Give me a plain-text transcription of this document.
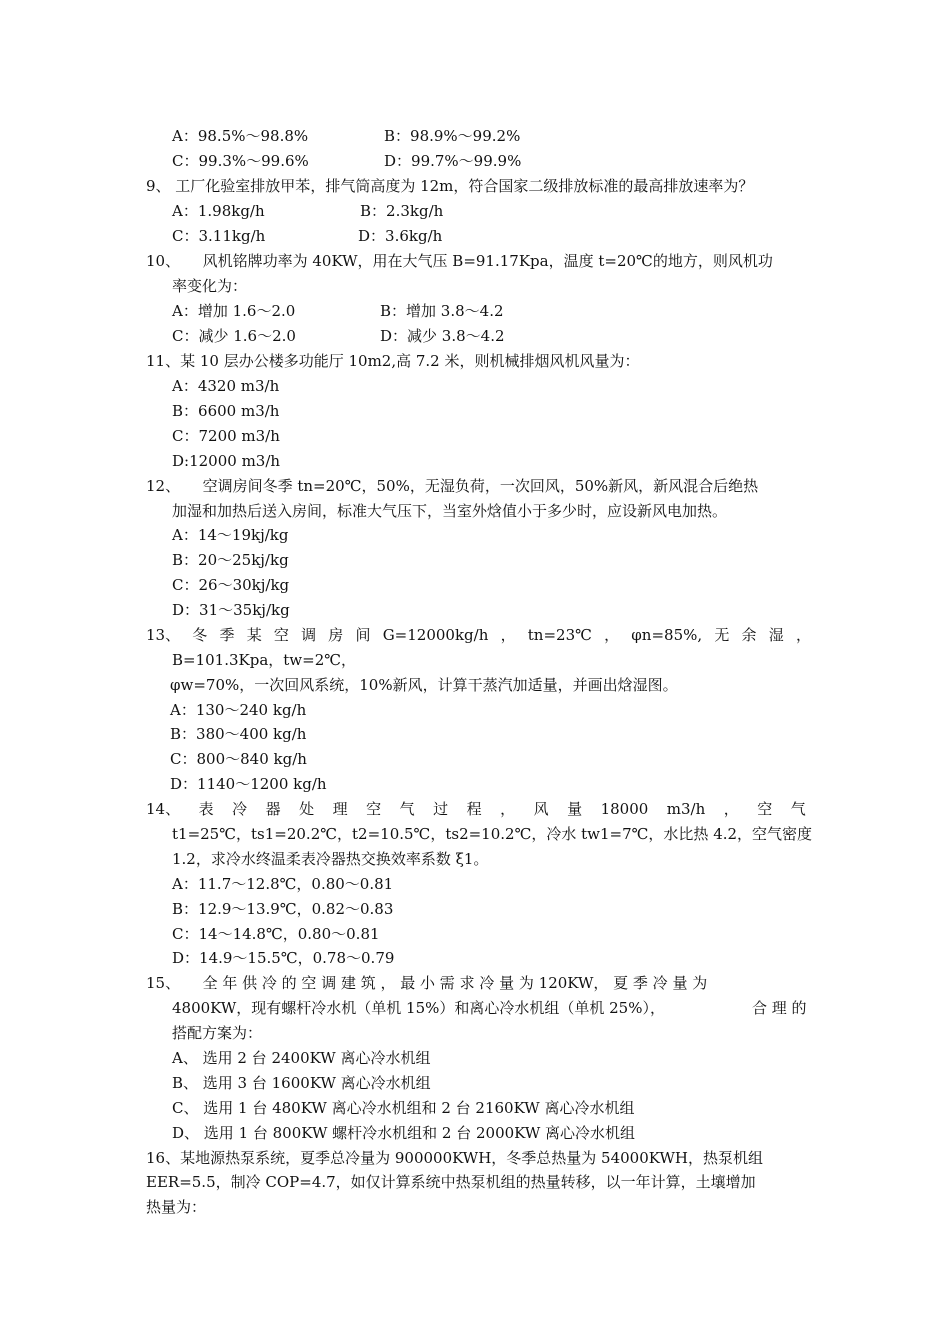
A：98.5%～98.8%	B：98.9%～99.2%
C：99.3%～99.6%	D：99.7%～99.9%
9、 工厂化验室排放甲苯，排气筒高度为 12m，符合国家二级排放标准的最高排放速率为？
A：1.98kg/h	B：2.3kg/h
C：3.11kg/h	D：3.6kg/h
10、　　风机铭牌功率为 40KW，用在大气压 B=91.17Kpa，温度 t=20℃的地方，则风机功
率变化为：
A：增加 1.6～2.0	B：增加 3.8～4.2
C：减少 1.6～2.0	D：减少 3.8～4.2
11、某 10 层办公楼多功能厅 10m2,高 7.2 米，则机械排烟风机风量为：
A：4320 m3/h
B：6600 m3/h
C：7200 m3/h
D:12000 m3/h
12、　　空调房间冬季 tn=20℃，50%，无湿负荷，一次回风，50%新风，新风混合后绝热
加湿和加热后送入房间，标准大气压下，当室外焓值小于多少时，应设新风电加热。
A：14～19kj/kg
B：20～25kj/kg
C：26～30kj/kg
D：31～35kj/kg
13、 冬 季 某 空 调 房 间 G=12000kg/h ， tn=23℃ ， φn=85%, 无 余 湿 ，
B=101.3Kpa，tw=2℃，
φw=70%，一次回风系统，10%新风，计算干蒸汽加适量，并画出焓湿图。
A：130～240 kg/h
B：380～400 kg/h
C：800～840 kg/h
D：1140～1200 kg/h
14、 表 冷 器 处 理 空 气 过 程 ， 风 量 18000 m3/h ， 空 气
t1=25℃，ts1=20.2℃，t2=10.5℃，ts2=10.2℃，冷水 tw1=7℃，水比热 4.2，空气密度
1.2，求冷水终温柔表冷器热交换效率系数 ξ1。
A：11.7～12.8℃，0.80～0.81
B：12.9～13.9℃，0.82～0.83
C：14～14.8℃，0.80～0.81
D：14.9～15.5℃，0.78～0.79
15、　　全 年 供 冷 的 空 调 建 筑 ， 最 小 需 求 冷 量 为 120KW， 夏 季 冷 量 为
4800KW，现有螺杆冷水机（单机 15%）和离心冷水机组（单机 25%），	合 理 的
搭配方案为：
A、 选用 2 台 2400KW 离心冷水机组
B、 选用 3 台 1600KW 离心冷水机组
C、 选用 1 台 480KW 离心冷水机组和 2 台 2160KW 离心冷水机组
D、 选用 1 台 800KW 螺杆冷水机组和 2 台 2000KW 离心冷水机组
16、某地源热泵系统，夏季总冷量为 900000KWH，冬季总热量为 54000KWH，热泵机组
EER=5.5，制冷 COP=4.7，如仅计算系统中热泵机组的热量转移，以一年计算，土壤增加
热量为：
